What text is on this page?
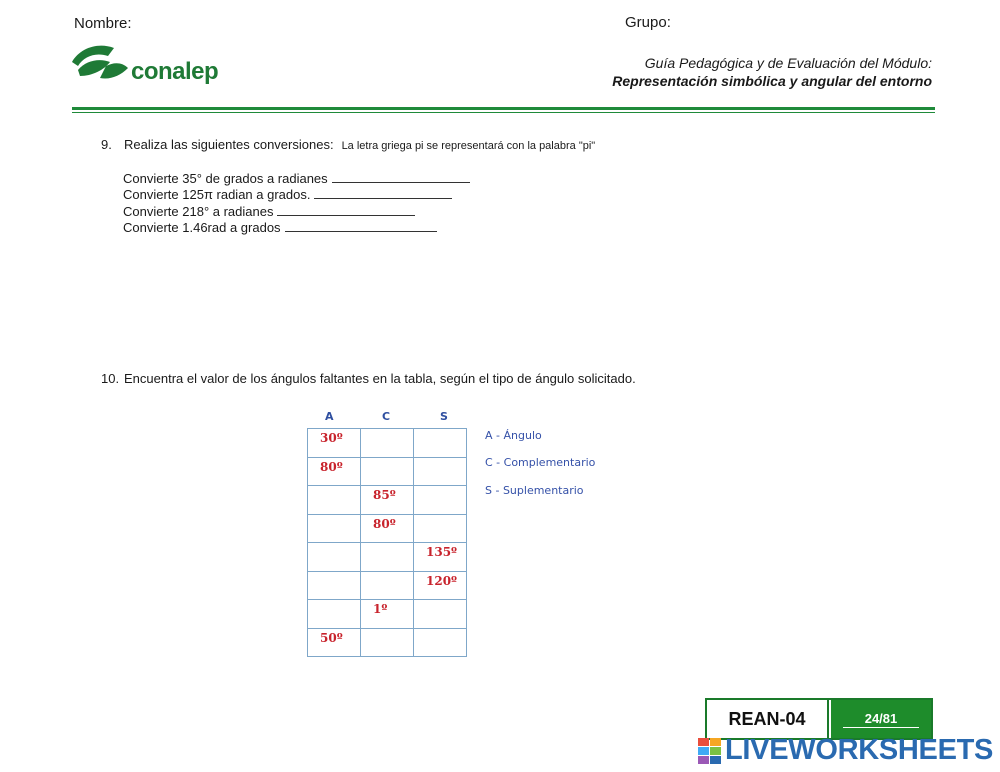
Nombre:	Grupo:
conalep	Guía Pedagógica y de Evaluación del Módulo:
Representación simbólica y angular del entorno
9. Realiza las siguientes conversiones: La letra griega pi se representará con la palabra "pi"
Convierte 35° de grados a radianes
Convierte 125π radian a grados.
Convierte 218° a radianes
Convierte 1.46rad a grados
10. Encuentra el valor de los ángulos faltantes en la tabla, según el tipo de ángulo solicitado.
A	C	S
30º		

80º		

	85º	

	80º	

		135º

		120º

	1º	

50º		

A - Ángulo
C - Complementario
S - Suplementario
REAN-04	24/81
LIVEWORKSHEETS
